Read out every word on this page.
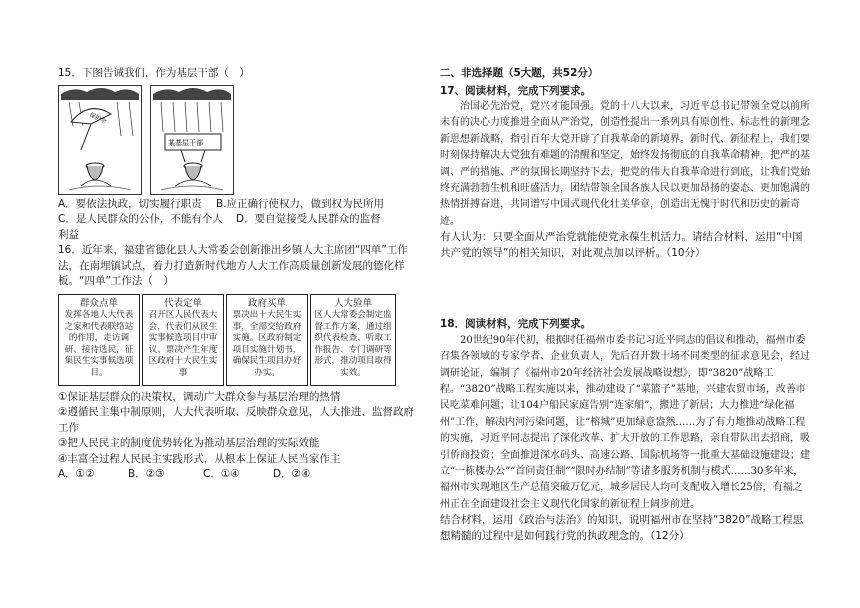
15．下图告诫我们，作为基层干部（　）

保护伞
某基层干部
A．要依法执政，切实履行职责	B.应正确行使权力，做到权为民所用
C．是人民群众的公仆，不能有个人利益
D．要自觉接受人民群众的监督

16．近年来，福建省德化县人大常委会创新推出乡镇人大主席团“四单”工作法，在南埋镇试点，着力打造新时代地方人大工作高质量创新发展的德化样板。“四单”工作法（　）

群众点单
发挥各地人大代表之家和代表联络站的作用，走访调研、接待选民，征集民生实事候选项目。
代表定单
召开区人民代表大会，代表们从民生实事候选项目中审议、票决产生年度区政府十大民生实事
政府买单
票决出十大民生实事，全部交给政府实施。区政府制定项目实施计划书，确保民生项目办好办实。
人大验单
区人大常委会制定监督工作方案，通过组织代表检查、听取工作报告、专门调研等形式，推动项目取得实效。

①保证基层群众的决策权，调动广大群众参与基层治理的热情

②遵循民主集中制原则，人大代表听取、反映群众意见，人大推进、监督政府工作

③把人民民主的制度优势转化为推动基层治理的实际效能

④丰富全过程人民民主实践形式，从根本上保证人民当家作主

A．①②	B．②③	C．①④	D．②④

二、非选择题（5大题，共52分）

17、阅读材料，完成下列要求。

治国必先治党，党兴才能国强。党的十八大以来，习近平总书记带领全党以前所未有的决心力度推进全面从严治党，创造性提出一系列具有原创性、标志性的新理念新思想新战略，指引百年大党开辟了自我革命的新境界。新时代、新征程上，我们要时刻保持解决大党独有难题的清醒和坚定，始终发扬彻底的自我革命精神，把严的基调、严的措施、严的氛围长期坚持下去，把党的伟大自我革命进行到底，让我们党始终充满勃勃生机和旺盛活力，团结带领全国各族人民以更加昂扬的姿态、更加饱满的热情拼搏奋进，共同谱写中国式现代化壮美华章，创造出无愧于时代和历史的新奇迹。

有人认为：只要全面从严治党就能使党永葆生机活力。请结合材料，运用“中国共产党的领导”的相关知识，对此观点加以评析。（10分）

18．阅读材料，完成下列要求。

20世纪90年代初，根据时任福州市委书记习近平同志的倡议和推动，福州市委召集各领域的专家学者、企业负责人，先后召开数十场不同类型的征求意见会，经过调研论证，编制了《福州市20年经济社会发展战略设想》，即“3820”战略工程。“3820”战略工程实施以来，推动建设了“菜篮子”基地，兴建农贸市场，改善市民吃菜难问题；让104户船民家庭告别“连家船”，搬进了新居；大力推进“绿化福州”工作，解决内河污染问题，让“榕城”更加绿意盎然……为了有力地推动战略工程的实施，习近平同志提出了深化改革、扩大开放的工作思路，亲自带队出去招商，吸引侨商投资；全面推进深水码头、高速公路、国际机场等一批重大基础设施建设；建立“一栋楼办公”“首问责任制”“限时办结制”等诸多服务机制与模式……30多年来，福州市实现地区生产总值突破万亿元，城乡居民人均可支配收入增长25倍，有福之州正在全面建设社会主义现代化国家的新征程上阔步前进。

结合材料，运用《政治与法治》的知识，说明福州市在坚持“3820”战略工程思想精髓的过程中是如何践行党的执政理念的。（12分）
